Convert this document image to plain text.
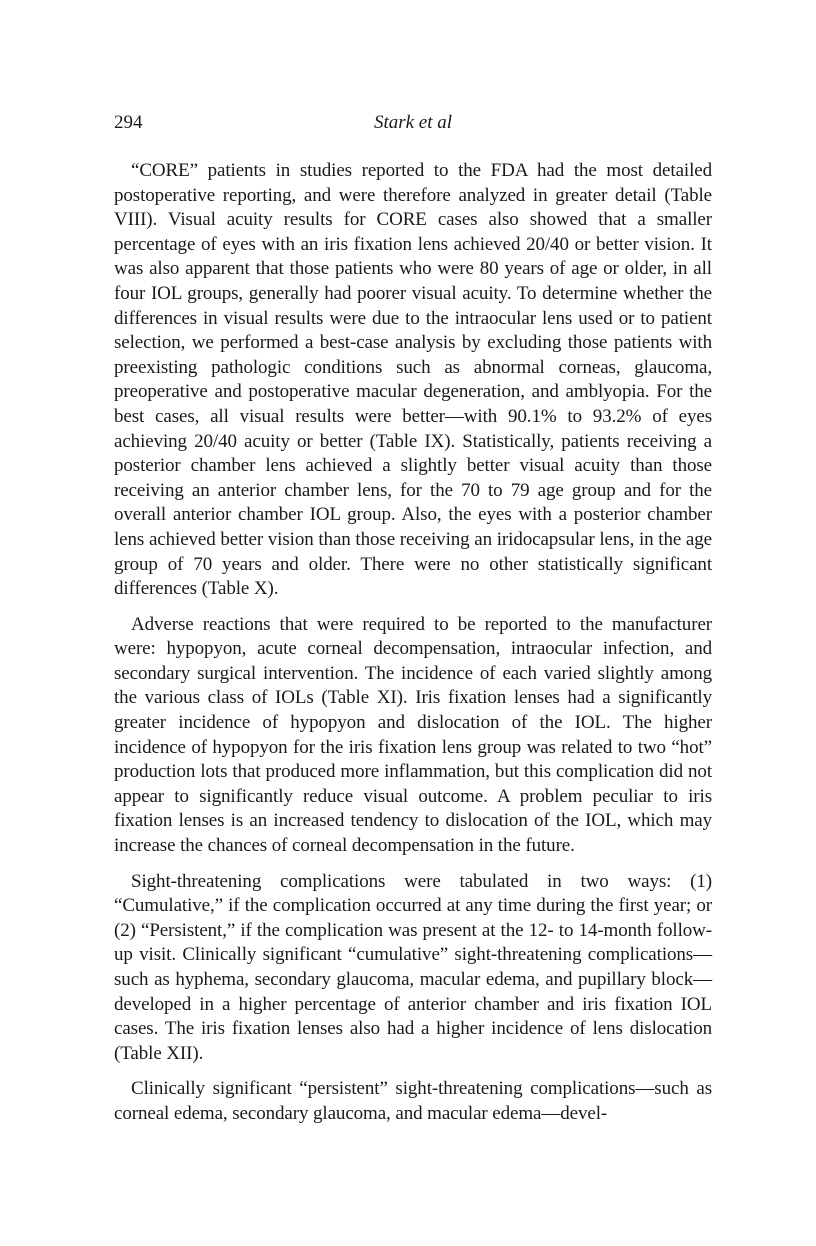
294	Stark et al

“CORE” patients in studies reported to the FDA had the most detailed postoperative reporting, and were therefore analyzed in greater detail (Table VIII). Visual acuity results for CORE cases also showed that a smaller percentage of eyes with an iris fixation lens achieved 20/40 or better vision. It was also apparent that those patients who were 80 years of age or older, in all four IOL groups, generally had poorer visual acuity. To determine whether the differences in visual results were due to the intraocular lens used or to patient selection, we performed a best-case analysis by excluding those patients with preexisting pathologic conditions such as abnormal corneas, glaucoma, preoperative and postoperative macular degeneration, and amblyopia. For the best cases, all visual results were better—with 90.1% to 93.2% of eyes achieving 20/40 acuity or better (Table IX). Statistically, patients receiving a posterior chamber lens achieved a slightly better visual acuity than those receiving an anterior chamber lens, for the 70 to 79 age group and for the overall anterior chamber IOL group. Also, the eyes with a posterior chamber lens achieved better vision than those receiving an iridocapsular lens, in the age group of 70 years and older. There were no other statistically significant differences (Table X).

Adverse reactions that were required to be reported to the manufacturer were: hypopyon, acute corneal decompensation, intraocular infection, and secondary surgical intervention. The incidence of each varied slightly among the various class of IOLs (Table XI). Iris fixation lenses had a significantly greater incidence of hypopyon and dislocation of the IOL. The higher incidence of hypopyon for the iris fixation lens group was related to two “hot” production lots that produced more inflammation, but this complication did not appear to significantly reduce visual outcome. A problem peculiar to iris fixation lenses is an increased tendency to dislocation of the IOL, which may increase the chances of corneal decompensation in the future.

Sight-threatening complications were tabulated in two ways: (1) “Cumulative,” if the complication occurred at any time during the first year; or (2) “Persistent,” if the complication was present at the 12- to 14-month follow-up visit. Clinically significant “cumulative” sight-threatening complications—such as hyphema, secondary glaucoma, macular edema, and pupillary block—developed in a higher percentage of anterior chamber and iris fixation IOL cases. The iris fixation lenses also had a higher incidence of lens dislocation (Table XII).

Clinically significant “persistent” sight-threatening complications—such as corneal edema, secondary glaucoma, and macular edema—devel-
